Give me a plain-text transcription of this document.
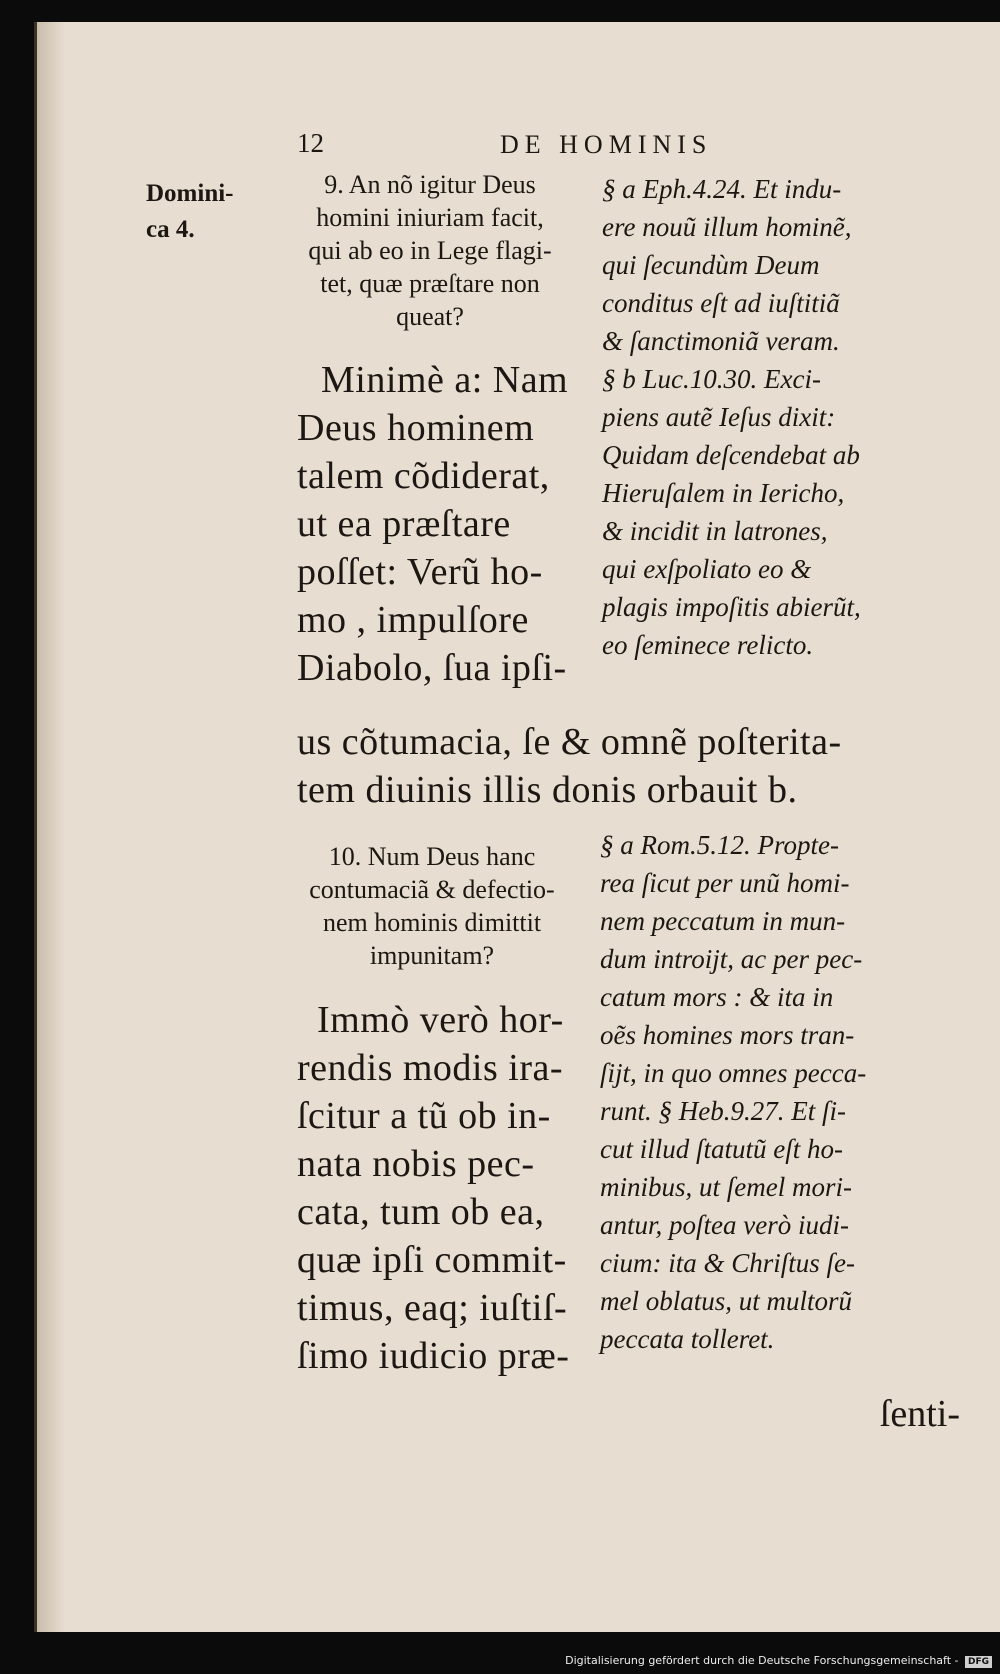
12	DE HOMINIS
Domini-
ca 4.
9. An nõ igitur Deus
homini iniuriam facit,
qui ab eo in Lege flagi-
tet, quæ præſtare non
queat?
Minimè a: Nam
Deus hominem
talem cõdiderat,
ut ea præſtare
poſſet: Verũ ho-
mo , impulſore
Diabolo, ſua ipſi-
§ a Eph.4.24. Et indu-
ere nouũ illum hominẽ,
qui ſecundùm Deum
conditus eſt ad iuſtitiã
& ſanctimoniã veram.
§ b Luc.10.30. Exci-
piens autẽ Ieſus dixit:
Quidam deſcendebat ab
Hieruſalem in Iericho,
& incidit in latrones,
qui exſpoliato eo &
plagis impoſitis abierũt,
eo ſeminece relicto.
us cõtumacia, ſe & omnẽ poſterita-
tem diuinis illis donis orbauit b.
10. Num Deus hanc
contumaciã & defectio-
nem hominis dimittit
impunitam?
Immò verò hor-
rendis modis ira-
ſcitur a tũ ob in-
nata nobis pec-
cata, tum ob ea,
quæ ipſi commit-
timus, eaq; iuſtiſ-
ſimo iudicio præ-
§ a Rom.5.12. Propte-
rea ſicut per unũ homi-
nem peccatum in mun-
dum introijt, ac per pec-
catum mors : & ita in
oẽs homines mors tran-
ſijt, in quo omnes pecca-
runt. § Heb.9.27. Et ſi-
cut illud ſtatutũ eſt ho-
minibus, ut ſemel mori-
antur, poſtea verò iudi-
cium: ita & Chriſtus ſe-
mel oblatus, ut multorũ
peccata tolleret.
ſenti-
Digitalisierung gefördert durch die Deutsche Forschungsgemeinschaft - DFG
